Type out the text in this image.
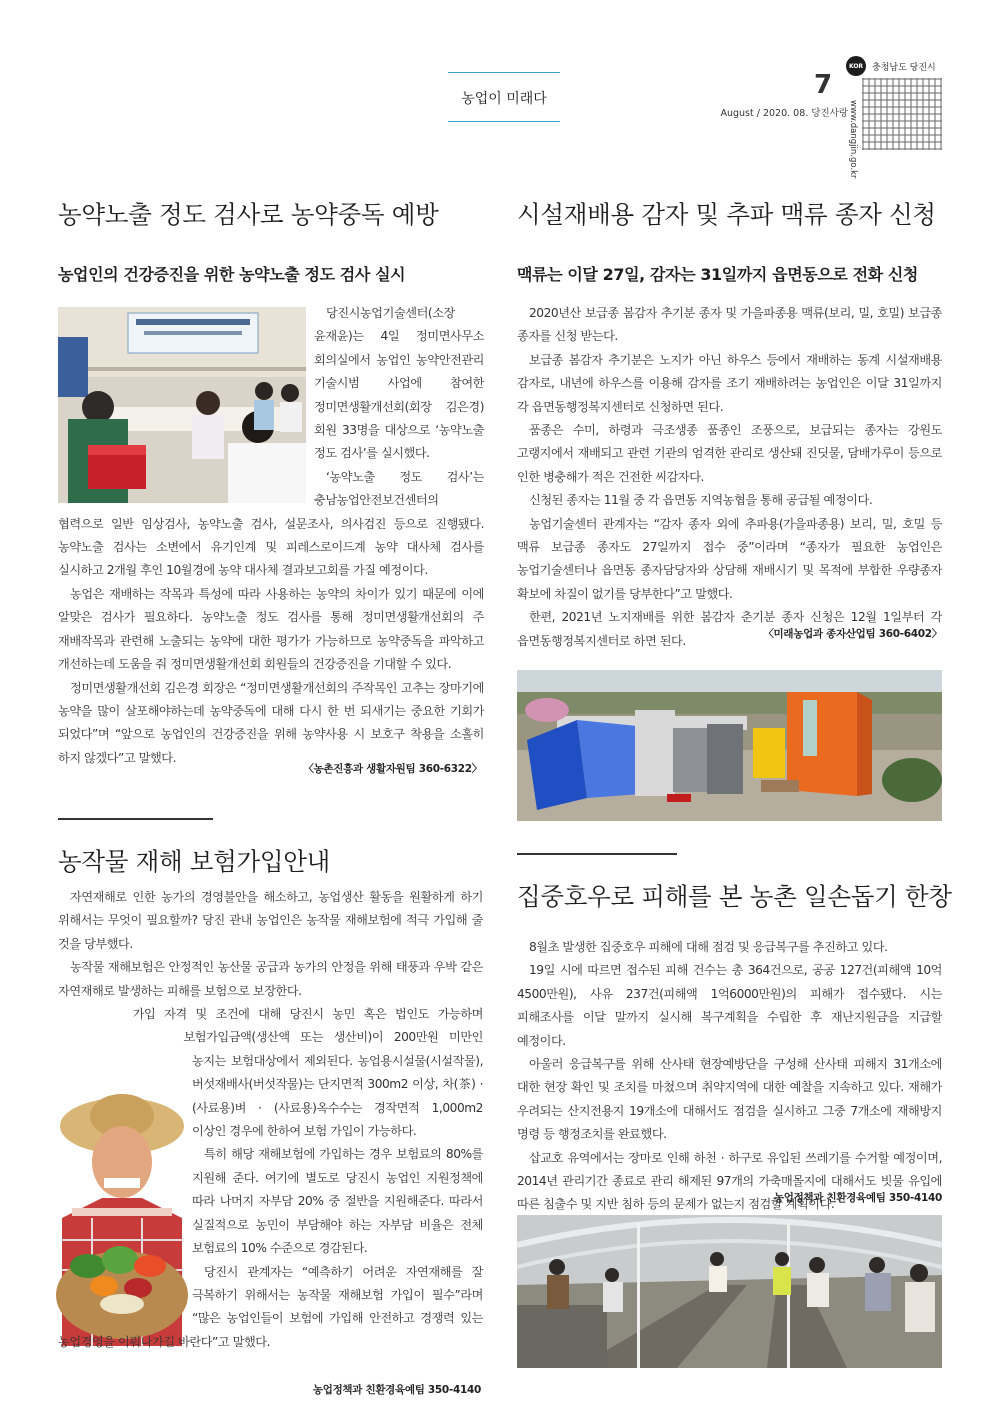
농업이 미래다	7
August / 2020. 08. 당진사랑
KOR 충청남도 당진시
www.dangjin.go.kr
농약노출 정도 검사로 농약중독 예방
농업인의 건강증진을 위한 농약노출 정도 검사 실시

당진시농업기술센터(소장 윤재윤)는 4일 정미면사무소 회의실에서 농업인 농약안전관리 기술시범 사업에 참여한 정미면생활개선회(회장 김은경) 회원 33명을 대상으로 ‘농약노출 정도 검사’를 실시했다.

‘농약노출 정도 검사’는 충남농업안전보건센터의 협력으로 일반 임상검사, 농약노출 검사, 설문조사, 의사검진 등으로 진행됐다. 농약노출 검사는 소변에서 유기인계 및 피레스로이드계 농약 대사체 검사를 실시하고 2개월 후인 10월경에 농약 대사체 결과보고회를 가질 예정이다.

농업은 재배하는 작목과 특성에 따라 사용하는 농약의 차이가 있기 때문에 이에 알맞은 검사가 필요하다. 농약노출 정도 검사를 통해 정미면생활개선회의 주 재배작목과 관련해 노출되는 농약에 대한 평가가 가능하므로 농약중독을 파악하고 개선하는데 도움을 줘 정미면생활개선회 회원들의 건강증진을 기대할 수 있다.

정미면생활개선회 김은경 회장은 “정미면생활개선회의 주작목인 고추는 장마기에 농약을 많이 살포해야하는데 농약중독에 대해 다시 한 번 되새기는 중요한 기회가 되었다”며 “앞으로 농업인의 건강증진을 위해 농약사용 시 보호구 착용을 소홀히 하지 않겠다”고 말했다.

〈농촌진흥과 생활자원팀 360-6322〉
시설재배용 감자 및 추파 맥류 종자 신청
맥류는 이달 27일, 감자는 31일까지 읍면동으로 전화 신청

2020년산 보급종 봄감자 추기분 종자 및 가을파종용 맥류(보리, 밀, 호밀) 보급종 종자를 신청 받는다.

보급종 봄감자 추기분은 노지가 아닌 하우스 등에서 재배하는 동계 시설재배용 감자로, 내년에 하우스를 이용해 감자를 조기 재배하려는 농업인은 이달 31일까지 각 읍면동행정복지센터로 신청하면 된다.

품종은 수미, 하령과 극조생종 품종인 조풍으로, 보급되는 종자는 강원도 고랭지에서 재배되고 관련 기관의 엄격한 관리로 생산돼 진딧물, 담배가루이 등으로 인한 병충해가 적은 건전한 씨감자다.

신청된 종자는 11월 중 각 읍면동 지역농협을 통해 공급될 예정이다.

농업기술센터 관계자는 “감자 종자 외에 추파용(가을파종용) 보리, 밀, 호밀 등 맥류 보급종 종자도 27일까지 접수 중”이라며 “종자가 필요한 농업인은 농업기술센터나 읍면동 종자담당자와 상담해 재배시기 및 목적에 부합한 우량종자 확보에 차질이 없기를 당부한다”고 말했다.

한편, 2021년 노지재배를 위한 봄감자 춘기분 종자 신청은 12월 1일부터 각 읍면동행정복지센터로 하면 된다.	〈미래농업과 종자산업팀 360-6402〉
농작물 재해 보험가입안내

자연재해로 인한 농가의 경영불안을 해소하고, 농업생산 활동을 원활하게 하기 위해서는 무엇이 필요할까? 당진 관내 농업인은 농작물 재해보험에 적극 가입해 줄 것을 당부했다.

농작물 재해보험은 안정적인 농산물 공급과 농가의 안정을 위해 태풍과 우박 같은 자연재해로 발생하는 피해를 보험으로 보장한다.

가입 자격 및 조건에 대해 당진시 농민 혹은 법인도 가능하며 보험가입금액(생산액 또는 생산비)이 200만원 미만인 농지는 보험대상에서 제외된다. 농업용시설물(시설작물), 버섯재배사(버섯작물)는 단지면적 300m2 이상, 차(茶) · (사료용)벼 · (사료용)옥수수는 경작면적 1,000m2 이상인 경우에 한하여 보험 가입이 가능하다.

특히 해당 재해보험에 가입하는 경우 보험료의 80%를 지원해 준다. 여기에 별도로 당진시 농업인 지원정책에 따라 나머지 자부담 20% 중 절반을 지원해준다. 따라서 실질적으로 농민이 부담해야 하는 자부담 비율은 전체 보험료의 10% 수준으로 경감된다.

당진시 관계자는 “예측하기 어려운 자연재해를 잘 극복하기 위해서는 농작물 재해보험 가입이 필수”라며 “많은 농업인들이 보험에 가입해 안전하고 경쟁력 있는 농업경영을 이뤄나가길 바란다”고 말했다.

농업정책과 친환경육예팀 350-4140
집중호우로 피해를 본 농촌 일손돕기 한창

8월초 발생한 집중호우 피해에 대해 점검 및 응급복구를 추진하고 있다.

19일 시에 따르면 접수된 피해 건수는 총 364건으로, 공공 127건(피해액 10억 4500만원), 사유 237건(피해액 1억6000만원)의 피해가 접수됐다. 시는 피해조사를 이달 말까지 실시해 복구계획을 수립한 후 재난지원금을 지급할 예정이다.

아울러 응급복구를 위해 산사태 현장예방단을 구성해 산사태 피해지 31개소에 대한 현장 확인 및 조치를 마쳤으며 취약지역에 대한 예찰을 지속하고 있다. 재해가 우려되는 산지전용지 19개소에 대해서도 점검을 실시하고 그중 7개소에 재해방지 명령 등 행정조치를 완료했다.

삽교호 유역에서는 장마로 인해 하천 · 하구로 유입된 쓰레기를 수거할 예정이며, 2014년 관리기간 종료로 관리 해제된 97개의 가축매몰지에 대해서도 빗물 유입에 따른 침출수 및 지반 침하 등의 문제가 없는지 점검할 계획이다.

농업정책과 친환경육예팀 350-4140
